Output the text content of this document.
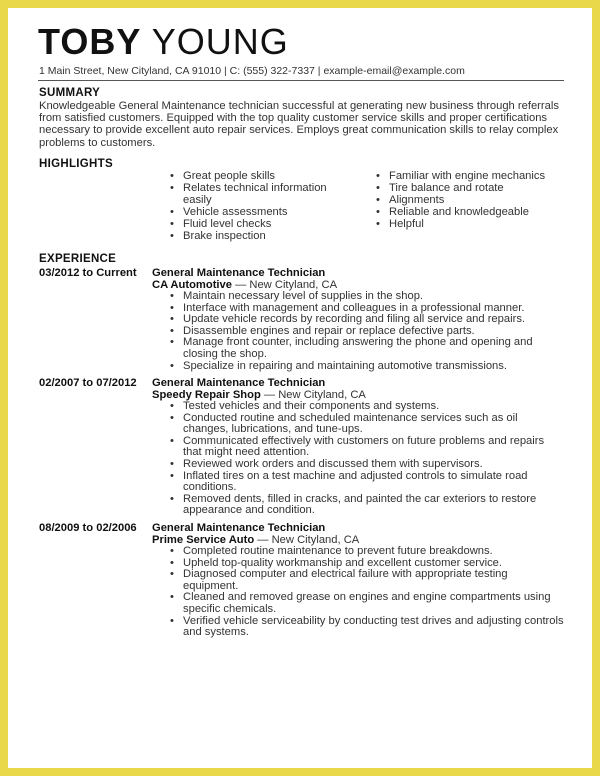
TOBY YOUNG
1 Main Street, New Cityland, CA 91010 | C: (555) 322-7337 | example-email@example.com
SUMMARY
Knowledgeable General Maintenance technician successful at generating new business through referrals from satisfied customers. Equipped with the top quality customer service skills and proper certifications necessary to provide excellent auto repair services. Employs great communication skills to relay complex problems to customers.
HIGHLIGHTS
• Great people skills
• Relates technical information easily
• Vehicle assessments
• Fluid level checks
• Brake inspection
• Familiar with engine mechanics
• Tire balance and rotate
• Alignments
• Reliable and knowledgeable
• Helpful
EXPERIENCE
03/2012 to Current General Maintenance Technician
CA Automotive — New Cityland, CA
• Maintain necessary level of supplies in the shop.
• Interface with management and colleagues in a professional manner.
• Update vehicle records by recording and filing all service and repairs.
• Disassemble engines and repair or replace defective parts.
• Manage front counter, including answering the phone and opening and closing the shop.
• Specialize in repairing and maintaining automotive transmissions.
02/2007 to 07/2012 General Maintenance Technician
Speedy Repair Shop — New Cityland, CA
• Tested vehicles and their components and systems.
• Conducted routine and scheduled maintenance services such as oil changes, lubrications, and tune-ups.
• Communicated effectively with customers on future problems and repairs that might need attention.
• Reviewed work orders and discussed them with supervisors.
• Inflated tires on a test machine and adjusted controls to simulate road conditions.
• Removed dents, filled in cracks, and painted the car exteriors to restore appearance and condition.
08/2009 to 02/2006 General Maintenance Technician
Prime Service Auto — New Cityland, CA
• Completed routine maintenance to prevent future breakdowns.
• Upheld top-quality workmanship and excellent customer service.
• Diagnosed computer and electrical failure with appropriate testing equipment.
• Cleaned and removed grease on engines and engine compartments using specific chemicals.
• Verified vehicle serviceability by conducting test drives and adjusting controls and systems.
